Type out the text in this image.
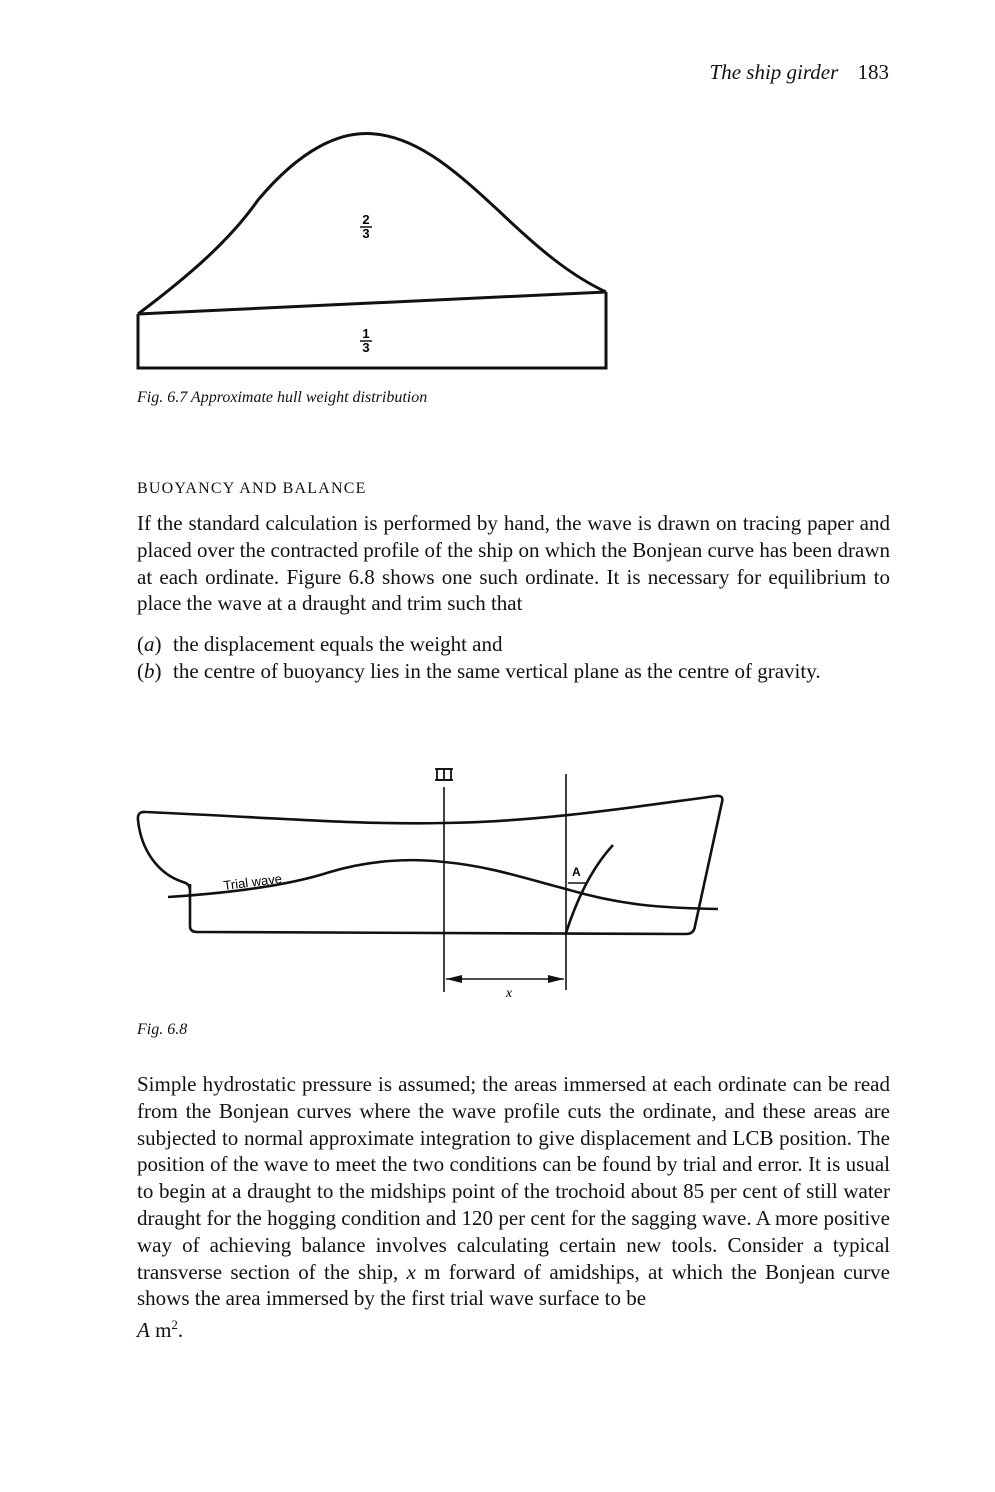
The ship girder 183
2
3
1
3
Fig. 6.7 Approximate hull weight distribution
BUOYANCY AND BALANCE
If the standard calculation is performed by hand, the wave is drawn on tracing paper and placed over the contracted profile of the ship on which the Bonjean curve has been drawn at each ordinate. Figure 6.8 shows one such ordinate. It is necessary for equilibrium to place the wave at a draught and trim such that
(a) the displacement equals the weight and
(b) the centre of buoyancy lies in the same vertical plane as the centre of gravity.
Trial wave	A
x
Fig. 6.8
Simple hydrostatic pressure is assumed; the areas immersed at each ordinate can be read from the Bonjean curves where the wave profile cuts the ordinate, and these areas are subjected to normal approximate integration to give displacement and LCB position. The position of the wave to meet the two conditions can be found by trial and error. It is usual to begin at a draught to the midships point of the trochoid about 85 per cent of still water draught for the hogging condition and 120 per cent for the sagging wave. A more positive way of achieving balance involves calculating certain new tools. Consider a typical transverse section of the ship, x m forward of amidships, at which the Bonjean curve shows the area immersed by the first trial wave surface to be
A $m^2$.
